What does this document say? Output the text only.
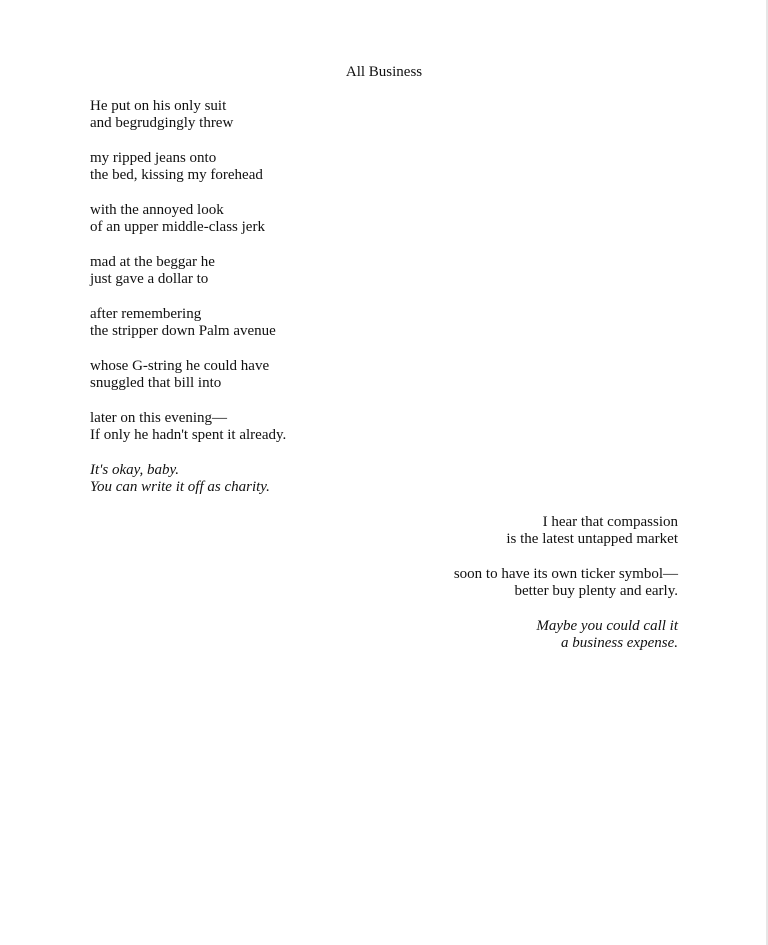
All Business
He put on his only suit
and begrudgingly threw
my ripped jeans onto
the bed, kissing my forehead
with the annoyed look
of an upper middle-class jerk
mad at the beggar he
just gave a dollar to
after remembering
the stripper down Palm avenue
whose G-string he could have
snuggled that bill into
later on this evening—
If only he hadn't spent it already.
It's okay, baby.
You can write it off as charity.
I hear that compassion
is the latest untapped market
soon to have its own ticker symbol—
better buy plenty and early.
Maybe you could call it
a business expense.
